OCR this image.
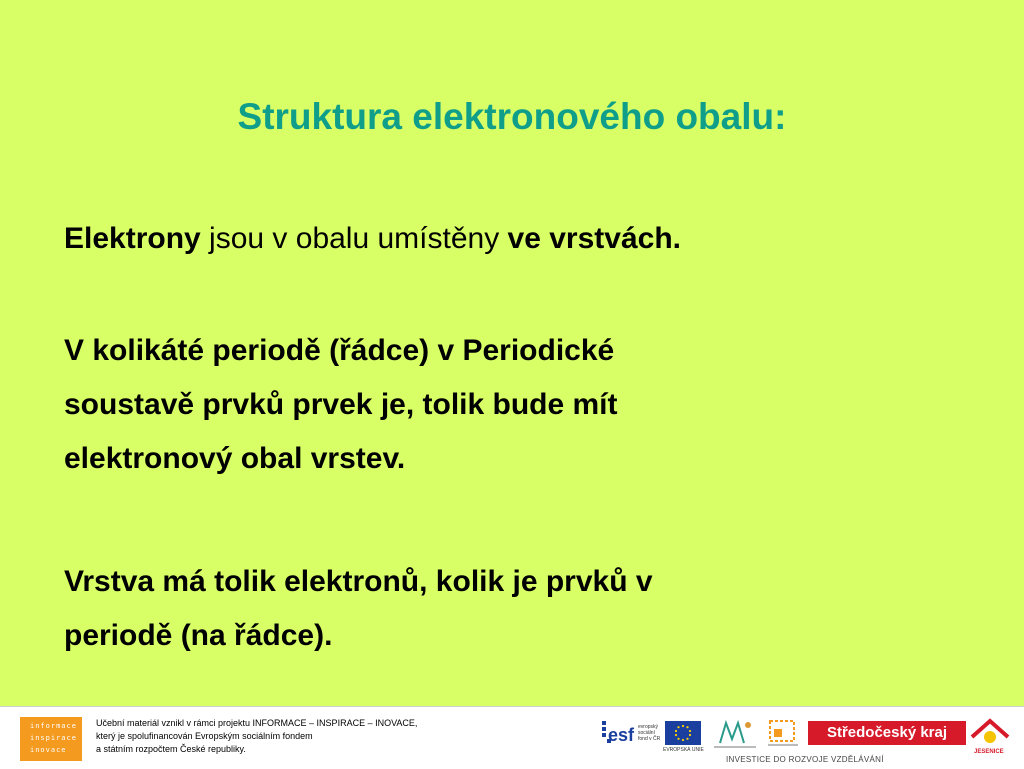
Struktura elektronového obalu:
Elektrony jsou v obalu umístěny ve vrstvách.
V kolikáté periodě (řádce) v Periodické
soustavě prvků prvek je, tolik bude mít
elektronový obal vrstev.
Vrstva má tolik elektronů, kolik je prvků v
periodě (na řádce).
informace
inspirace
inovace
Učební materiál vznikl v rámci projektu INFORMACE – INSPIRACE – INOVACE,
který je spolufinancován Evropským sociálním fondem
a státním rozpočtem České republiky.
esf evropský
sociální
fond v ČR
EVROPSKÁ UNIE
Středočeský kraj
JESENICE
INVESTICE DO ROZVOJE VZDĚLÁVÁNÍ
